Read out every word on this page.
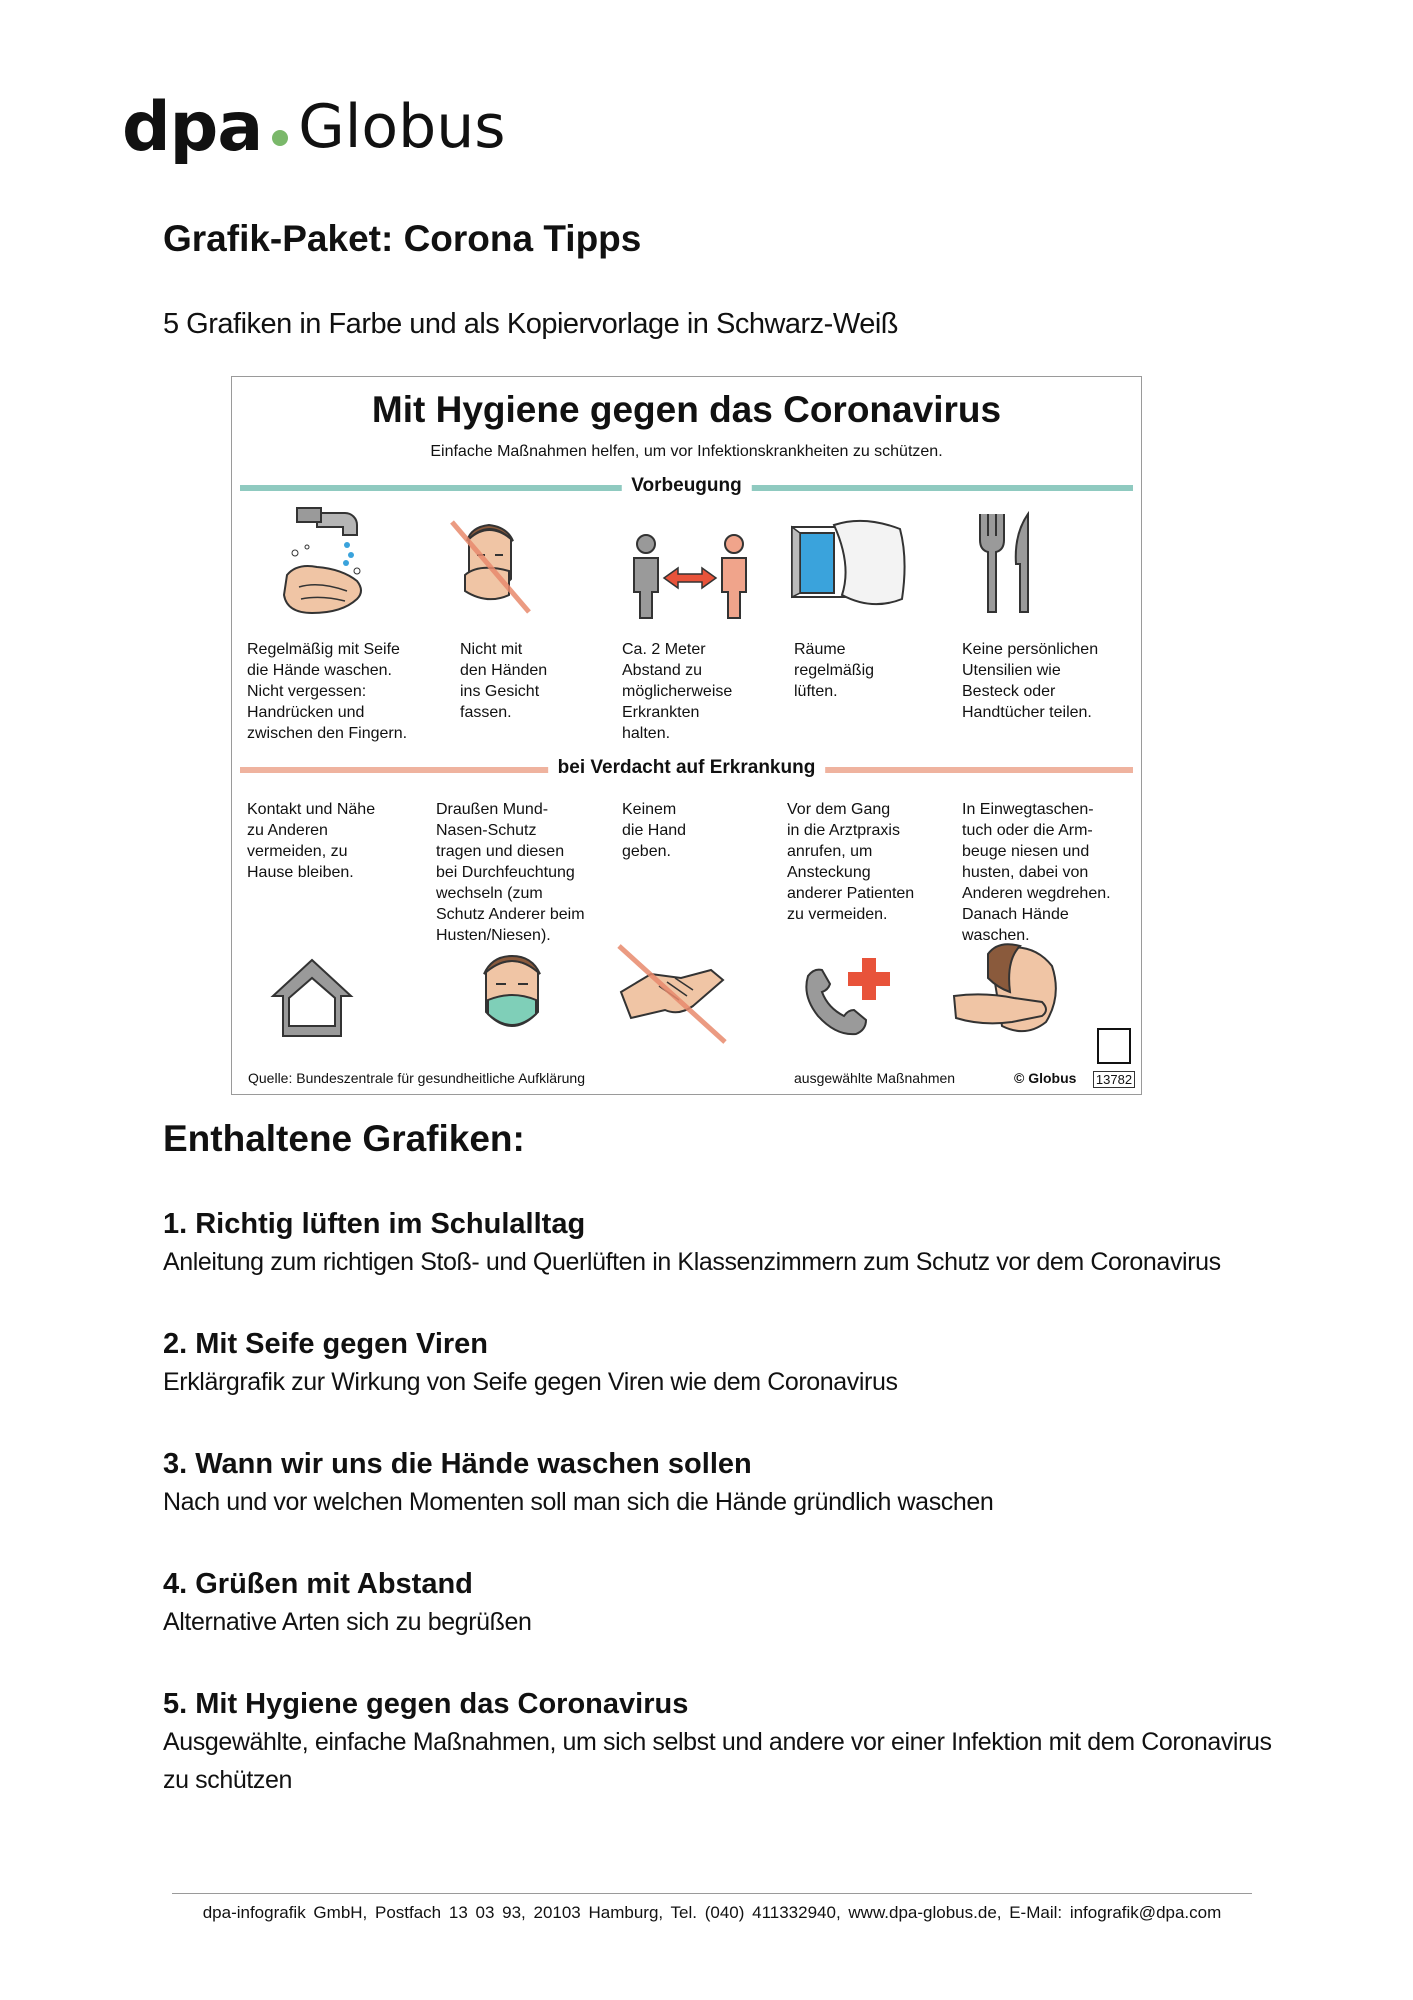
dpa Globus
Grafik-Paket: Corona Tipps
5 Grafiken in Farbe und als Kopiervorlage in Schwarz-Weiß
Mit Hygiene gegen das Coronavirus
Einfache Maßnahmen helfen, um vor Infektionskrankheiten zu schützen.
Vorbeugung
Regelmäßig mit Seife
die Hände waschen.
Nicht vergessen:
Handrücken und
zwischen den Fingern.
Nicht mit
den Händen
ins Gesicht
fassen.
Ca. 2 Meter
Abstand zu
möglicherweise
Erkrankten
halten.
Räume
regelmäßig
lüften.
Keine persönlichen
Utensilien wie
Besteck oder
Handtücher teilen.
bei Verdacht auf Erkrankung
Kontakt und Nähe
zu Anderen
vermeiden, zu
Hause bleiben.
Draußen Mund-
Nasen-Schutz
tragen und diesen
bei Durchfeuchtung
wechseln (zum
Schutz Anderer beim
Husten/Niesen).
Keinem
die Hand
geben.
Vor dem Gang
in die Arztpraxis
anrufen, um
Ansteckung
anderer Patienten
zu vermeiden.
In Einwegtaschen-
tuch oder die Arm-
beuge niesen und
husten, dabei von
Anderen wegdrehen.
Danach Hände
waschen.
Quelle: Bundeszentrale für gesundheitliche Aufklärung	ausgewählte Maßnahmen	© Globus 13782
Enthaltene Grafiken:
1. Richtig lüften im Schulalltag
Anleitung zum richtigen Stoß- und Querlüften in Klassenzimmern zum Schutz vor dem Coronavirus
2. Mit Seife gegen Viren
Erklärgrafik zur Wirkung von Seife gegen Viren wie dem Coronavirus
3. Wann wir uns die Hände waschen sollen
Nach und vor welchen Momenten soll man sich die Hände gründlich waschen
4. Grüßen mit Abstand
Alternative Arten sich zu begrüßen
5. Mit Hygiene gegen das Coronavirus
Ausgewählte, einfache Maßnahmen, um sich selbst und andere vor einer Infektion mit dem Coronavirus zu schützen
dpa-infografik GmbH, Postfach 13 03 93, 20103 Hamburg, Tel. (040) 411332940, www.dpa-globus.de, E-Mail: infografik@dpa.com
